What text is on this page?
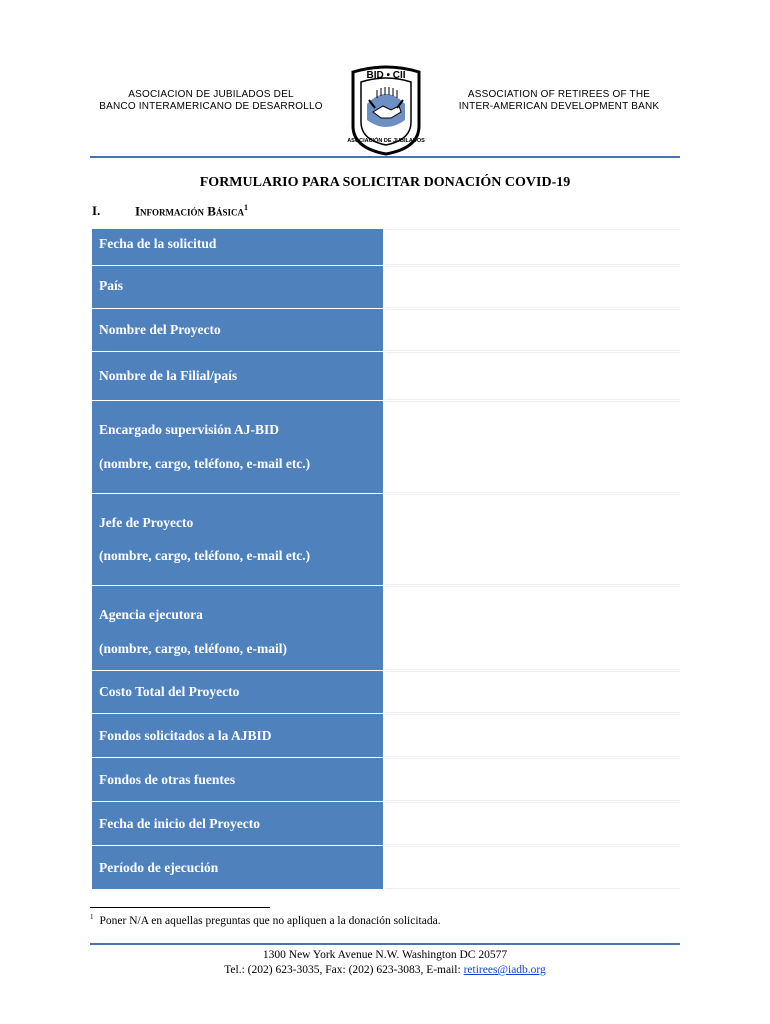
ASOCIACION DE JUBILADOS DEL
BANCO INTERAMERICANO DE DESARROLLO
BID • CII
ASOCIACIÓN DE JUBILADOS
ASSOCIATION OF RETIREES OF THE
INTER-AMERICAN DEVELOPMENT BANK
FORMULARIO PARA SOLICITAR DONACIÓN COVID-19
I.	Información Básica$^1$
Fecha de la solicitud
País
Nombre del Proyecto
Nombre de la Filial/país
Encargado supervisión AJ-BID
(nombre, cargo, teléfono, e-mail etc.)
Jefe de Proyecto
(nombre, cargo, teléfono, e-mail etc.)
Agencia ejecutora
(nombre, cargo, teléfono, e-mail)
Costo Total del Proyecto
Fondos solicitados a la AJBID
Fondos de otras fuentes
Fecha de inicio del Proyecto
Período de ejecución
$^1$ Poner N/A en aquellas preguntas que no apliquen a la donación solicitada.
1300 New York Avenue N.W. Washington DC 20577
Tel.: (202) 623-3035, Fax: (202) 623-3083, E-mail: retirees@iadb.org
